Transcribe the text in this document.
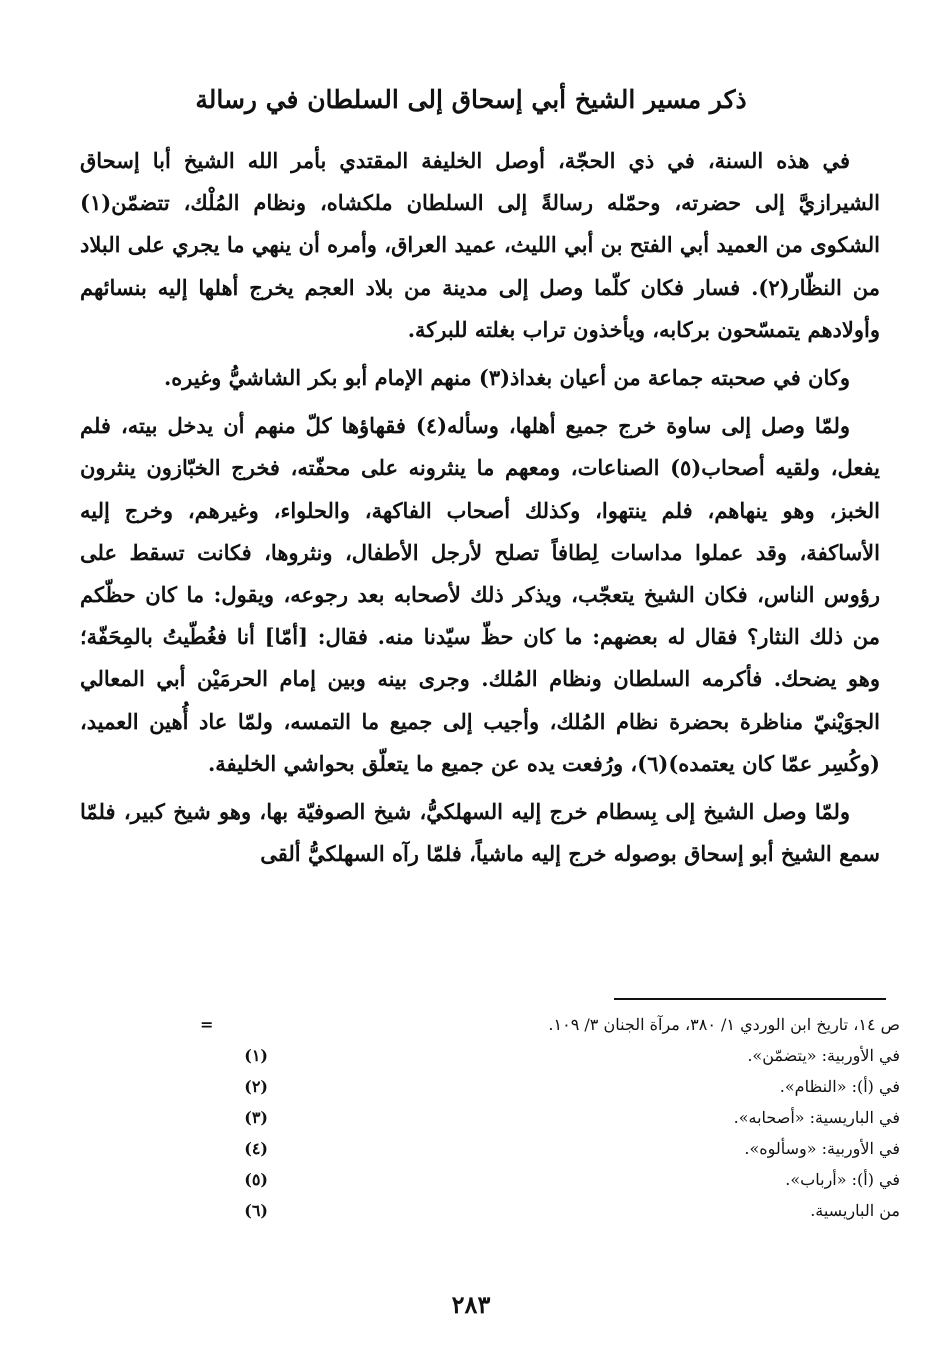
ذكر مسير الشيخ أبي إسحاق إلى السلطان في رسالة

في هذه السنة، في ذي الحجّة، أوصل الخليفة المقتدي بأمر الله الشيخ أبا إسحاق الشيرازيَّ إلى حضرته، وحمّله رسالةً إلى السلطان ملكشاه، ونظام المُلْك، تتضمّن(١) الشكوى من العميد أبي الفتح بن أبي الليث، عميد العراق، وأمره أن ينهي ما يجري على البلاد من النظّار(٢). فسار فكان كلّما وصل إلى مدينة من بلاد العجم يخرج أهلها إليه بنسائهم وأولادهم يتمسّحون بركابه، ويأخذون تراب بغلته للبركة.

وكان في صحبته جماعة من أعيان بغداذ(٣) منهم الإمام أبو بكر الشاشيُّ وغيره.

ولمّا وصل إلى ساوة خرج جميع أهلها، وسأله(٤) فقهاؤها كلّ منهم أن يدخل بيته، فلم يفعل، ولقيه أصحاب(٥) الصناعات، ومعهم ما ينثرونه على محفّته، فخرج الخبّازون ينثرون الخبز، وهو ينهاهم، فلم ينتهوا، وكذلك أصحاب الفاكهة، والحلواء، وغيرهم، وخرج إليه الأساكفة، وقد عملوا مداسات لِطافاً تصلح لأرجل الأطفال، ونثروها، فكانت تسقط على رؤوس الناس، فكان الشيخ يتعجّب، ويذكر ذلك لأصحابه بعد رجوعه، ويقول: ما كان حظّكم من ذلك النثار؟ فقال له بعضهم: ما كان حظّ سيّدنا منه. فقال: [أمّا] أنا فغُطّيتُ بالمِحَفّة؛ وهو يضحك. فأكرمه السلطان ونظام المُلك. وجرى بينه وبين إمام الحرمَيْن أبي المعالي الجوَيْنيّ مناظرة بحضرة نظام المُلك، وأجيب إلى جميع ما التمسه، ولمّا عاد أُهين العميد، (وكُسِر عمّا كان يعتمده)(٦)، ورُفعت يده عن جميع ما يتعلّق بحواشي الخليفة.

ولمّا وصل الشيخ إلى بِسطام خرج إليه السهلكيُّ، شيخ الصوفيّة بها، وهو شيخ كبير، فلمّا سمع الشيخ أبو إسحاق بوصوله خرج إليه ماشياً، فلمّا رآه السهلكيُّ ألقى

ص ١٤، تاريخ ابن الوردي ١/ ٣٨٠، مرآة الجنان ٣/ ١٠٩.
=
في الأوربية: «يتضمّن».
(١)
في (أ): «النظام».
(٢)
في الباريسية: «أصحابه».
(٣)
في الأوربية: «وسألوه».
(٤)
في (أ): «أرباب».
(٥)
من الباريسية.
(٦)
٢٨٣
